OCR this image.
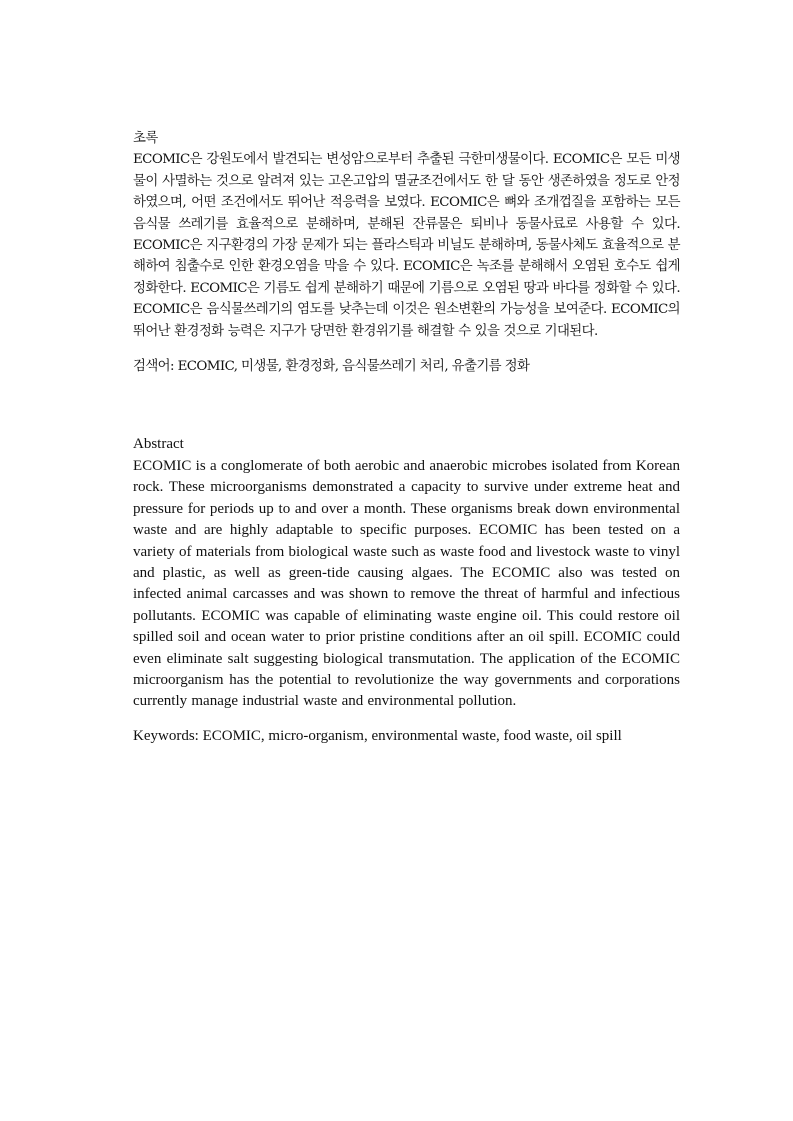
초록

ECOMIC은 강원도에서 발견되는 변성암으로부터 추출된 극한미생물이다. ECOMIC은 모든 미생물이 사멸하는 것으로 알려져 있는 고온고압의 멸균조건에서도 한 달 동안 생존하였을 정도로 안정하였으며, 어떤 조건에서도 뛰어난 적응력을 보였다. ECOMIC은 뼈와 조개껍질을 포함하는 모든 음식물 쓰레기를 효율적으로 분해하며, 분해된 잔류물은 퇴비나 동물사료로 사용할 수 있다. ECOMIC은 지구환경의 가장 문제가 되는 플라스틱과 비닐도 분해하며, 동물사체도 효율적으로 분해하여 침출수로 인한 환경오염을 막을 수 있다. ECOMIC은 녹조를 분해해서 오염된 호수도 쉽게 정화한다. ECOMIC은 기름도 쉽게 분해하기 때문에 기름으로 오염된 땅과 바다를 정화할 수 있다. ECOMIC은 음식물쓰레기의 염도를 낮추는데 이것은 원소변환의 가능성을 보여준다. ECOMIC의 뛰어난 환경정화 능력은 지구가 당면한 환경위기를 해결할 수 있을 것으로 기대된다.

검색어: ECOMIC, 미생물, 환경정화, 음식물쓰레기 처리, 유출기름 정화

Abstract

ECOMIC is a conglomerate of both aerobic and anaerobic microbes isolated from Korean rock. These microorganisms demonstrated a capacity to survive under extreme heat and pressure for periods up to and over a month. These organisms break down environmental waste and are highly adaptable to specific purposes. ECOMIC has been tested on a variety of materials from biological waste such as waste food and livestock waste to vinyl and plastic, as well as green-tide causing algaes. The ECOMIC also was tested on infected animal carcasses and was shown to remove the threat of harmful and infectious pollutants. ECOMIC was capable of eliminating waste engine oil. This could restore oil spilled soil and ocean water to prior pristine conditions after an oil spill. ECOMIC could even eliminate salt suggesting biological transmutation. The application of the ECOMIC microorganism has the potential to revolutionize the way governments and corporations currently manage industrial waste and environmental pollution.

Keywords: ECOMIC, micro-organism, environmental waste, food waste, oil spill
